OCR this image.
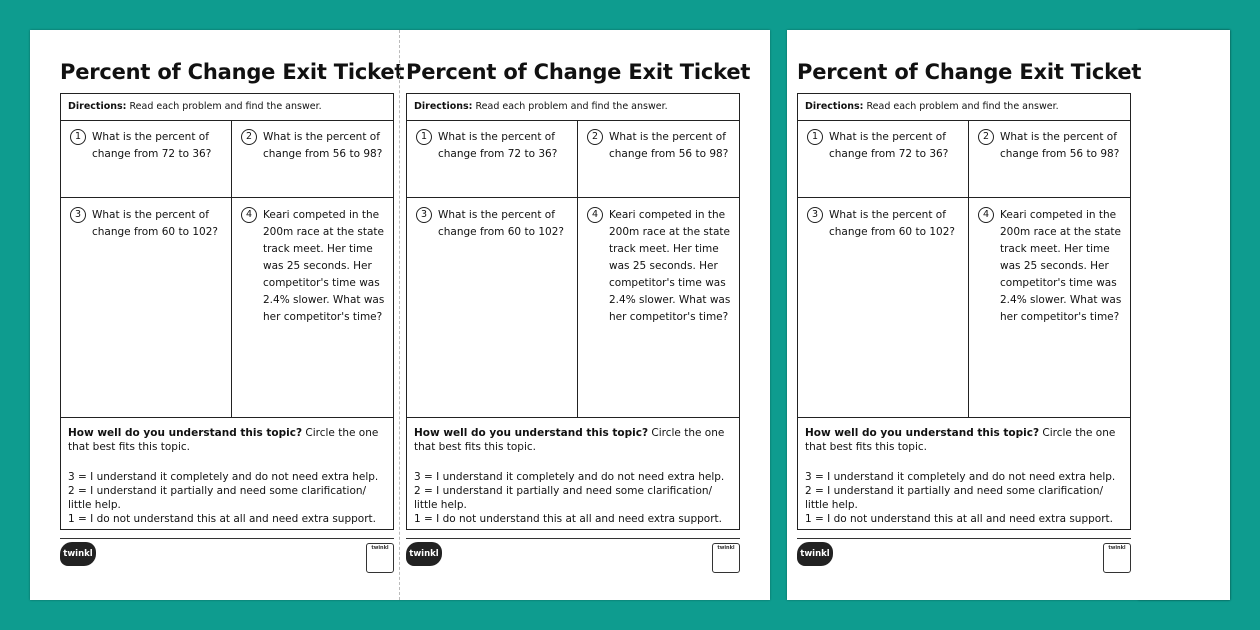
Percent of Change Exit Ticket
Directions: Read each problem and find the answer.
1	What is the percent of
change from 72 to 36?
2	What is the percent of
change from 56 to 98?
3	What is the percent of
change from 60 to 102?
4	Keari competed in the
200m race at the state
track meet. Her time
was 25 seconds. Her
competitor's time was
2.4% slower. What was
her competitor's time?
How well do you understand this topic? Circle the one that best fits this topic.
3 = I understand it completely and do not need extra help.
2 = I understand it partially and need some clarification/
little help.
1 = I do not understand this at all and need extra support.
twinkl
twinkl
Percent of Change Exit Ticket
Directions: Read each problem and find the answer.
1	What is the percent of
change from 72 to 36?
2	What is the percent of
change from 56 to 98?
3	What is the percent of
change from 60 to 102?
4	Keari competed in the
200m race at the state
track meet. Her time
was 25 seconds. Her
competitor's time was
2.4% slower. What was
her competitor's time?
How well do you understand this topic? Circle the one that best fits this topic.
3 = I understand it completely and do not need extra help.
2 = I understand it partially and need some clarification/
little help.
1 = I do not understand this at all and need extra support.
twinkl
twinkl
Percent of Change Exit Ticket
Directions: Read each problem and find the answer.
1	What is the percent of
change from 72 to 36?
2	What is the percent of
change from 56 to 98?
3	What is the percent of
change from 60 to 102?
4	Keari competed in the
200m race at the state
track meet. Her time
was 25 seconds. Her
competitor's time was
2.4% slower. What was
her competitor's time?
How well do you understand this topic? Circle the one that best fits this topic.
3 = I understand it completely and do not need extra help.
2 = I understand it partially and need some clarification/
little help.
1 = I do not understand this at all and need extra support.
twinkl
twinkl
